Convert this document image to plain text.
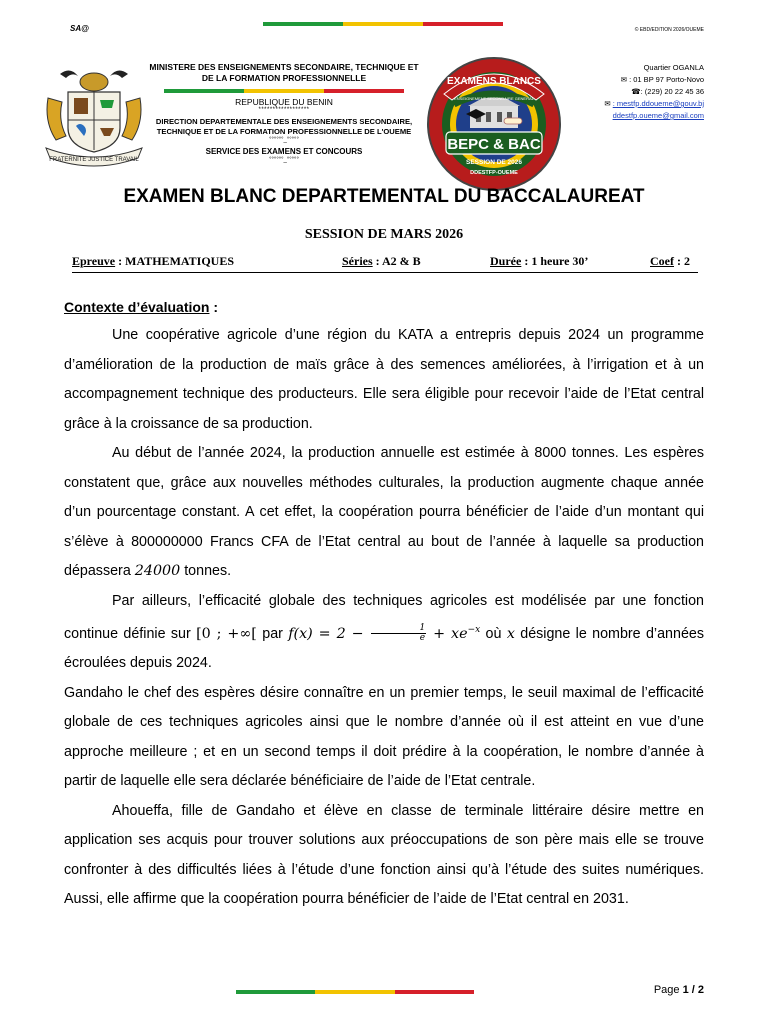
SA@	© EBD/EDITION 2026/OUEME
FRATERNITE JUSTICE TRAVAIL
MINISTERE DES ENSEIGNEMENTS SECONDAIRE, TECHNIQUE ET DE LA FORMATION PROFESSIONNELLE
REPUBLIQUE DU BENIN
******************
DIRECTION DEPARTEMENTALE DES ENSEIGNEMENTS SECONDAIRE, TECHNIQUE ET DE LA FORMATION PROFESSIONNELLE DE L'OUEME
°°°°°°_°°°°°
SERVICE DES EXAMENS ET CONCOURS
°°°°°°_°°°°°
EXAMENS BLANCS
ENSEIGNEMENT SECONDAIRE GENERAL
BEPC & BAC
SESSION DE 2026
DDESTFP-OUEME
Quartier OGANLA
✉ : 01 BP 97 Porto-Novo
☎: (229) 20 22 45 36
✉ : mestfp.ddoueme@gouv.bj
ddestfp.oueme@gmail.com
EXAMEN BLANC DEPARTEMENTAL DU BACCALAUREAT
SESSION DE MARS 2026
Epreuve : MATHEMATIQUES	Séries : A2 & B	Durée : 1 heure 30’	Coef : 2
Contexte d’évaluation :

Une coopérative agricole d’une région du KATA a entrepris depuis 2024 un programme d’amélioration de la production de maïs grâce à des semences améliorées, à l’irrigation et à un accompagnement technique des producteurs. Elle sera éligible pour recevoir l’aide de l’Etat central grâce à la croissance de sa production.

Au début de l’année 2024, la production annuelle est estimée à 8000 tonnes. Les espères constatent que, grâce aux nouvelles méthodes culturales, la production augmente chaque année d’un pourcentage constant. A cet effet, la coopération pourra bénéficier de l’aide d’un montant qui s’élève à 800000000 Francs CFA de l’Etat central au bout de l’année à laquelle sa production dépassera 24000 tonnes.

Par ailleurs, l’efficacité globale des techniques agricoles est modélisée par une fonction continue définie sur [0 ; +∞[ par $f(x) = 2 - \frac{1}{e} + xe^{-x}$ où x désigne le nombre d’années écroulées depuis 2024.

Gandaho le chef des espères désire connaître en un premier temps, le seuil maximal de l’efficacité globale de ces techniques agricoles ainsi que le nombre d’année où il est atteint en vue d’une approche meilleure ; et en un second temps il doit prédire à la coopération, le nombre d’année à partir de laquelle elle sera déclarée bénéficiaire de l’aide de l’Etat centrale.

Ahoueffa, fille de Gandaho et élève en classe de terminale littéraire désire mettre en application ses acquis pour trouver solutions aux préoccupations de son père mais elle se trouve confronter à des difficultés liées à l’étude d’une fonction ainsi qu’à l’étude des suites numériques. Aussi, elle affirme que la coopération pourra bénéficier de l’aide de l’Etat central en 2031.

Page 1 / 2
